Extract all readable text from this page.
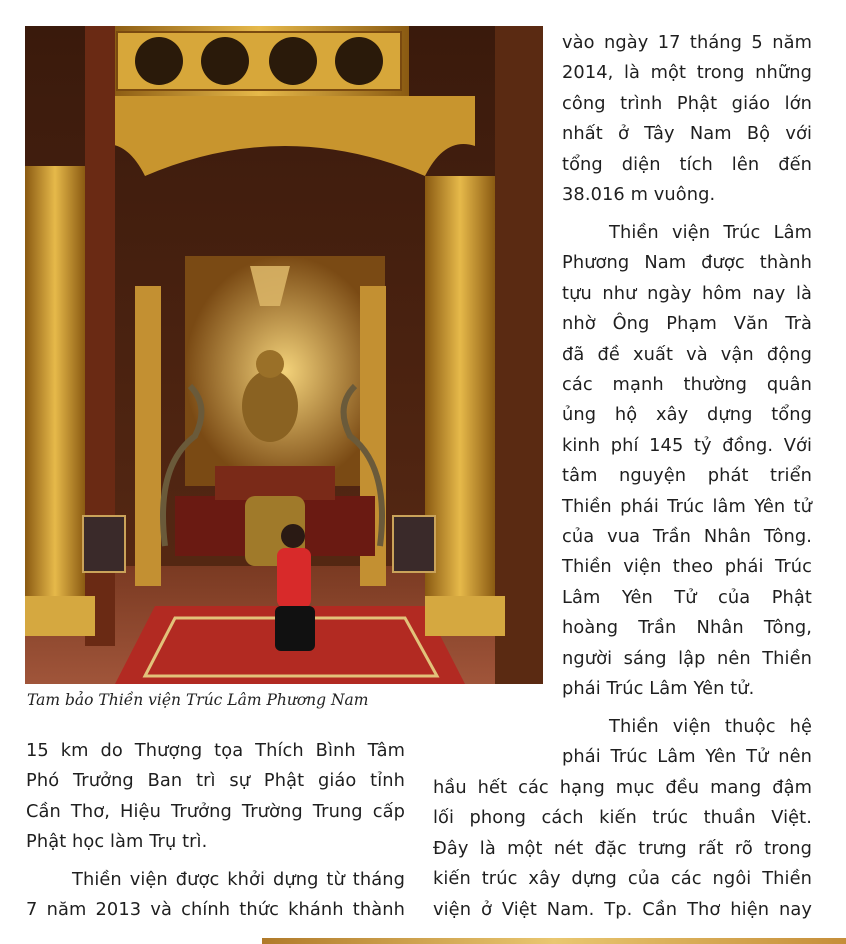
Tam bảo Thiền viện Trúc Lâm Phương Nam
vào ngày 17 tháng 5 năm
2014, là một trong những
công trình Phật giáo lớn
nhất ở Tây Nam Bộ với
tổng diện tích lên đến
38.016 m vuông.
Thiền viện Trúc Lâm
Phương Nam được thành
tựu như ngày hôm nay là
nhờ Ông Phạm Văn Trà
đã đề xuất và vận động
các mạnh thường quân
ủng hộ xây dựng tổng
kinh phí 145 tỷ đồng. Với
tâm nguyện phát triển
Thiền phái Trúc lâm Yên tử
của vua Trần Nhân Tông.
Thiền viện theo phái Trúc
Lâm Yên Tử của Phật
hoàng Trần Nhân Tông,
người sáng lập nên Thiền
phái Trúc Lâm Yên tử.
Thiền viện thuộc hệ
phái Trúc Lâm Yên Tử nên
15 km do Thượng tọa Thích Bình Tâm
Phó Trưởng Ban trì sự Phật giáo tỉnh
Cần Thơ, Hiệu Trưởng Trường Trung cấp
Phật học làm Trụ trì.
Thiền viện được khởi dựng từ tháng
7 năm 2013 và chính thức khánh thành
hầu hết các hạng mục đều mang đậm
lối phong cách kiến trúc thuần Việt.
Đây là một nét đặc trưng rất rõ trong
kiến trúc xây dựng của các ngôi Thiền
viện ở Việt Nam. Tp. Cần Thơ hiện nay
